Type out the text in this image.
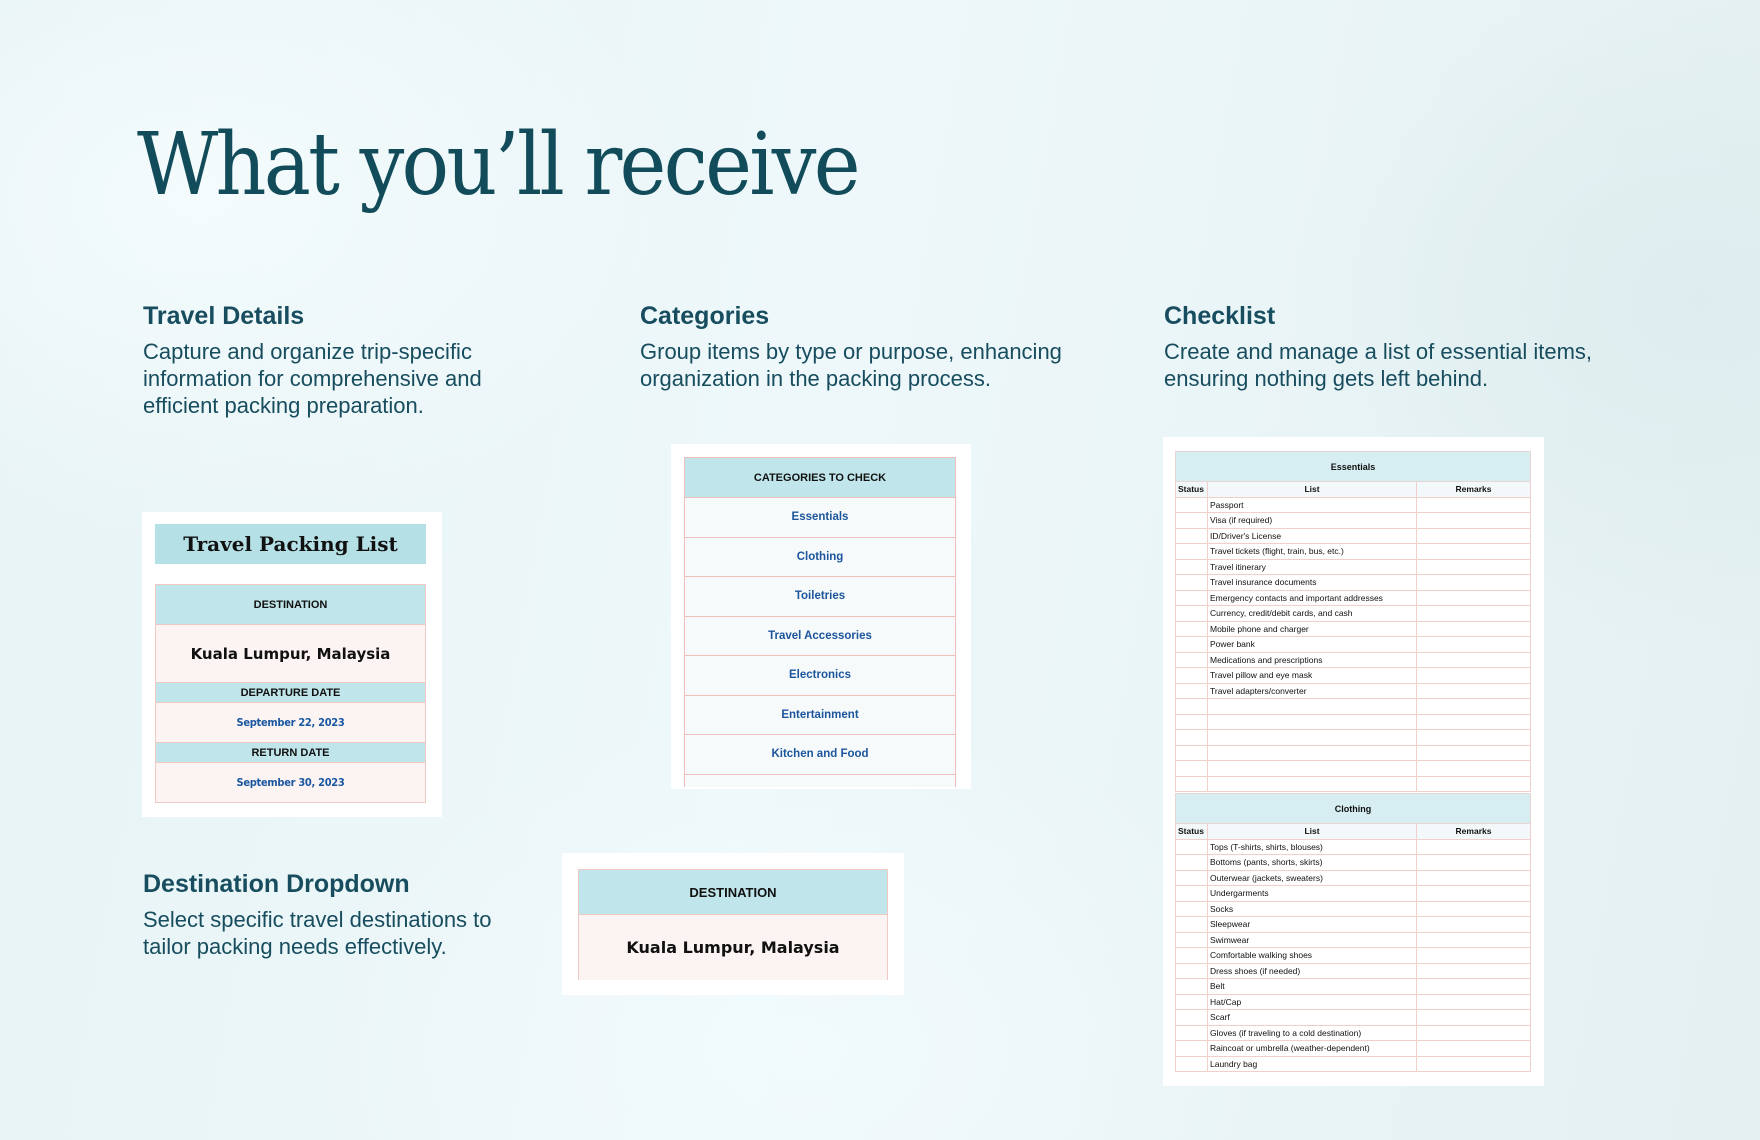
What you’ll receive
Travel Details

Capture and organize trip-specific information for comprehensive and efficient packing preparation.

Categories

Group items by type or purpose, enhancing organization in the packing process.

Checklist

Create and manage a list of essential items, ensuring nothing gets left behind.

Destination Dropdown

Select specific travel destinations to tailor packing needs effectively.

Travel Packing List
DESTINATION
Kuala Lumpur, Malaysia
DEPARTURE DATE
September 22, 2023
RETURN DATE
September 30, 2023
CATEGORIES TO CHECK
Essentials
Clothing
Toiletries
Travel Accessories
Electronics
Entertainment
Kitchen and Food
DESTINATION
Kuala Lumpur, Malaysia
Essentials		
Status	List	Remarks
	Passport	
	Visa (if required)	
	ID/Driver's License	
	Travel tickets (flight, train, bus, etc.)	
	Travel itinerary	
	Travel insurance documents	
	Emergency contacts and important addresses	
	Currency, credit/debit cards, and cash	
	Mobile phone and charger	
	Power bank	
	Medications and prescriptions	
	Travel pillow and eye mask	
	Travel adapters/converter	

Clothing		
Status	List	Remarks
	Tops (T-shirts, shirts, blouses)	
	Bottoms (pants, shorts, skirts)	
	Outerwear (jackets, sweaters)	
	Undergarments	
	Socks	
	Sleepwear	
	Swimwear	
	Comfortable walking shoes	
	Dress shoes (if needed)	
	Belt	
	Hat/Cap	
	Scarf	
	Gloves (if traveling to a cold destination)	
	Raincoat or umbrella (weather-dependent)	
	Laundry bag	
